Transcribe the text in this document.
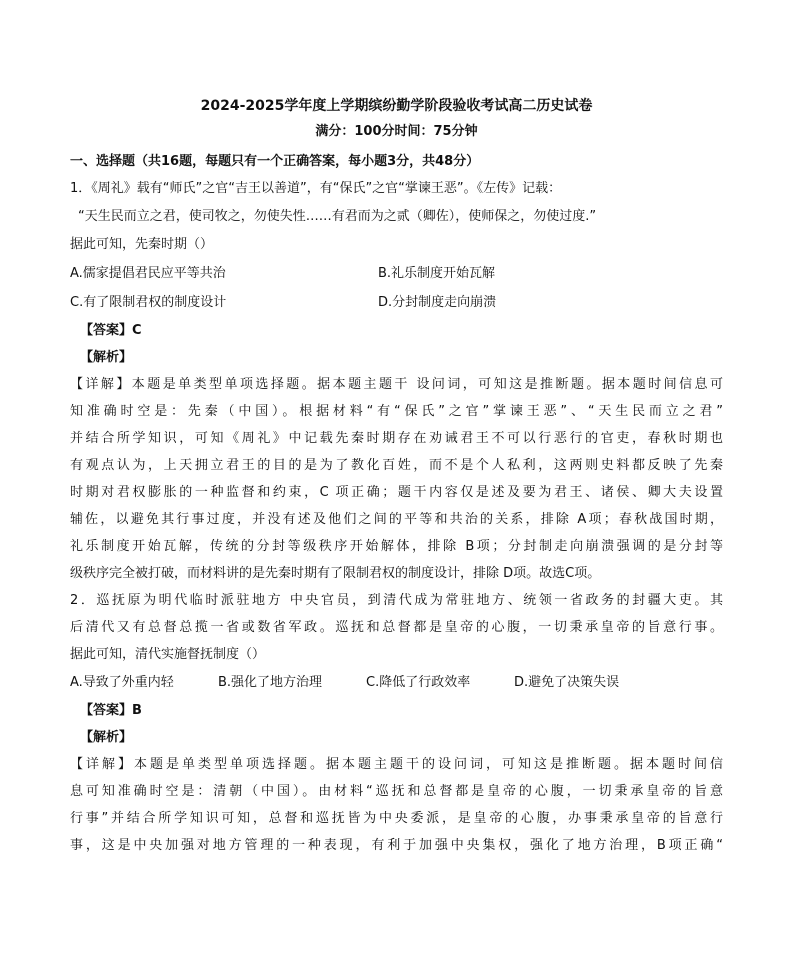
2024-2025学年度上学期缤纷勤学阶段验收考试高二历史试卷
满分：100分时间：75分钟
一、选择题（共16题，每题只有一个正确答案，每小题3分，共48分）
1．《周礼》载有“师氏”之官“吉王以善道”，有“保氏”之官“掌谏王恶”。《左传》记载：
“天生民而立之君，使司牧之，勿使失性……有君而为之贰（卿佐），使师保之，勿使过度.”
据此可知，先秦时期（）
A.儒家提倡君民应平等共治	B.礼乐制度开始瓦解
C.有了限制君权的制度设计	D.分封制度走向崩溃
【答案】C
【解析】
【详解】本题是单类型单项选择题。据本题主题干 设问词，可知这是推断题。据本题时间信息可
知准确时空是：先秦（中国）。根据材料“有“保氏”之官”掌谏王恶”、“天生民而立之君”
并结合所学知识，可知《周礼》中记载先秦时期存在劝诫君王不可以行恶行的官吏，春秋时期也
有观点认为，上天拥立君王的目的是为了教化百姓，而不是个人私利，这两则史料都反映了先秦
时期对君权膨胀的一种监督和约束，C 项正确；题干内容仅是述及要为君王、诸侯、卿大夫设置
辅佐，以避免其行事过度，并没有述及他们之间的平等和共治的关系，排除 A项；春秋战国时期，
礼乐制度开始瓦解，传统的分封等级秩序开始解体，排除 B项；分封制走向崩溃强调的是分封等
级秩序完全被打破，而材料讲的是先秦时期有了限制君权的制度设计，排除 D项。故选C项。
2．巡抚原为明代临时派驻地方 中央官员，到清代成为常驻地方、统领一省政务的封疆大吏。其
后清代又有总督总揽一省或数省军政。巡抚和总督都是皇帝的心腹，一切秉承皇帝的旨意行事。
据此可知，清代实施督抚制度（）
A.导致了外重内轻	B.强化了地方治理	C.降低了行政效率	D.避免了决策失误
【答案】B
【解析】
【详解】本题是单类型单项选择题。据本题主题干的设问词，可知这是推断题。据本题时间信
息可知准确时空是：清朝（中国）。由材料“巡抚和总督都是皇帝的心腹，一切秉承皇帝的旨意
行事”并结合所学知识可知，总督和巡抚皆为中央委派，是皇帝的心腹，办事秉承皇帝的旨意行
事，这是中央加强对地方管理的一种表现，有利于加强中央集权，强化了地方治理，B项正确“
